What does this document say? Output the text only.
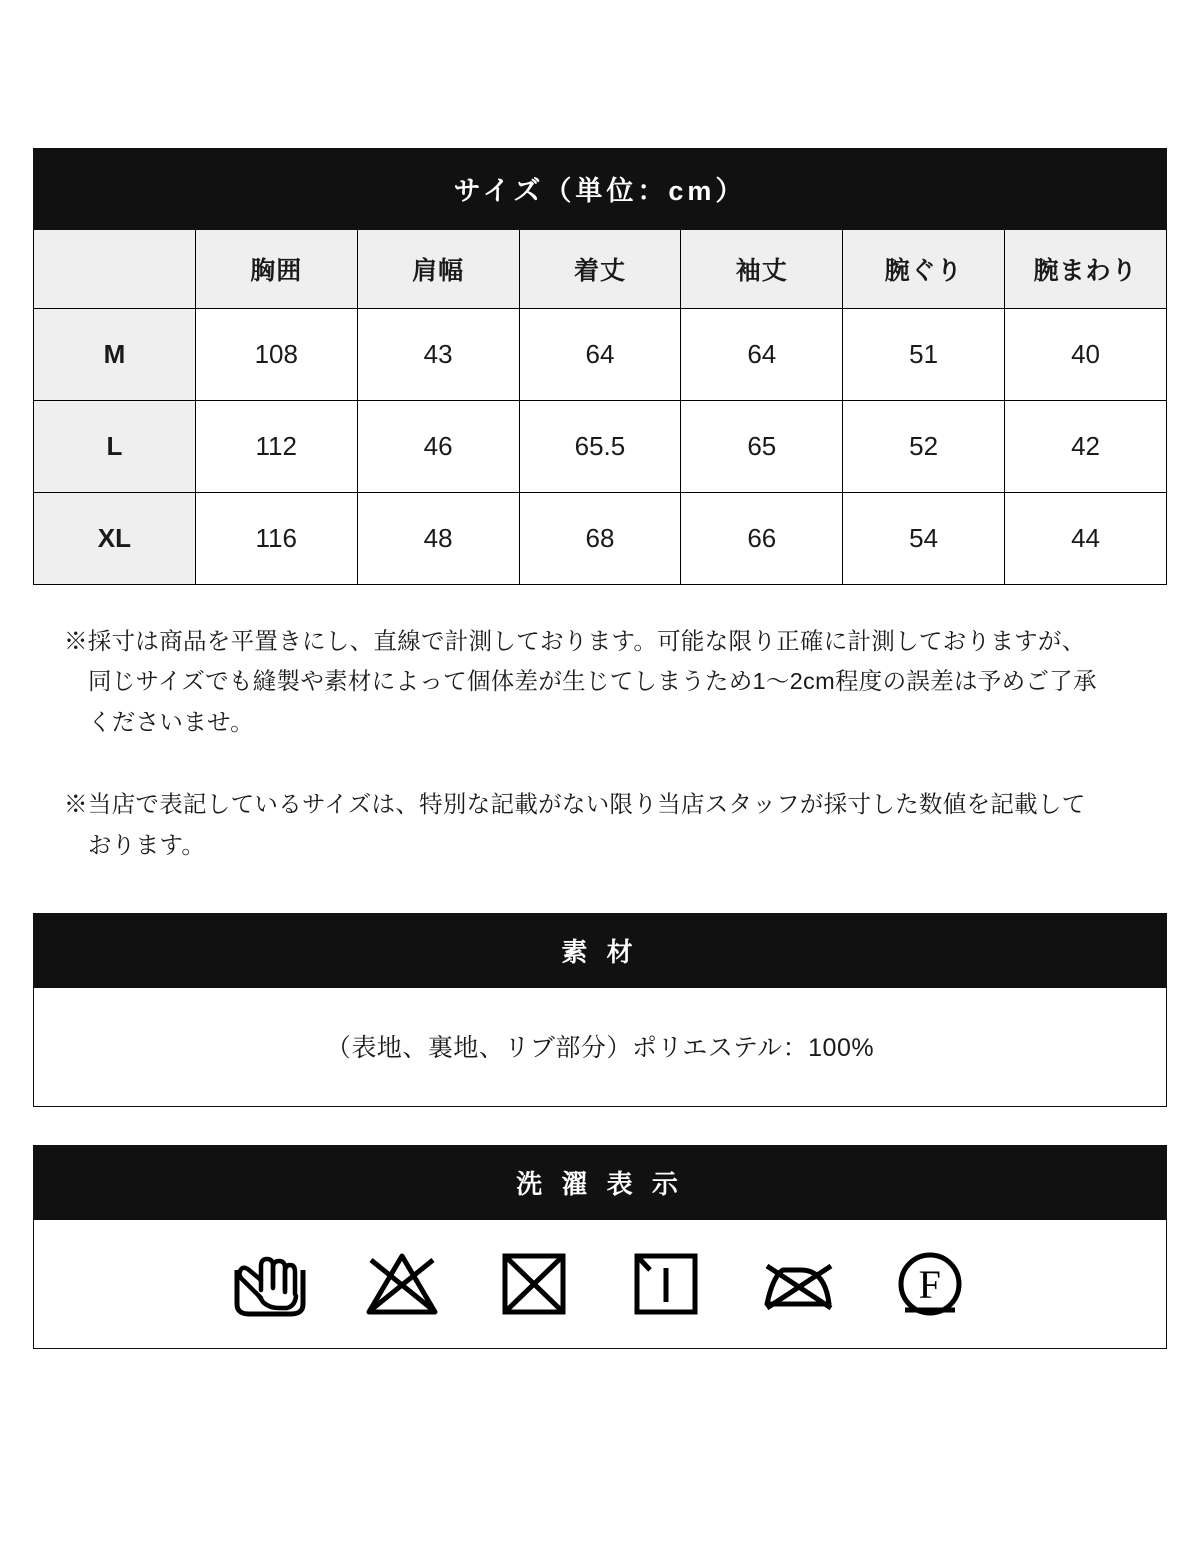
サイズ（単位：cm）						
	胸囲	肩幅	着丈	袖丈	腕ぐり	腕まわり
M	108	43	64	64	51	40
L	112	46	65.5	65	52	42
XL	116	48	68	66	54	44

※採寸は商品を平置きにし、直線で計測しております。可能な限り正確に計測しておりますが、同じサイズでも縫製や素材によって個体差が生じてしまうため1〜2cm程度の誤差は予めご了承くださいませ。

※当店で表記しているサイズは、特別な記載がない限り当店スタッフが採寸した数値を記載しております。

素 材
（表地、裏地、リブ部分）ポリエステル：100%
洗 濯 表 示
F
